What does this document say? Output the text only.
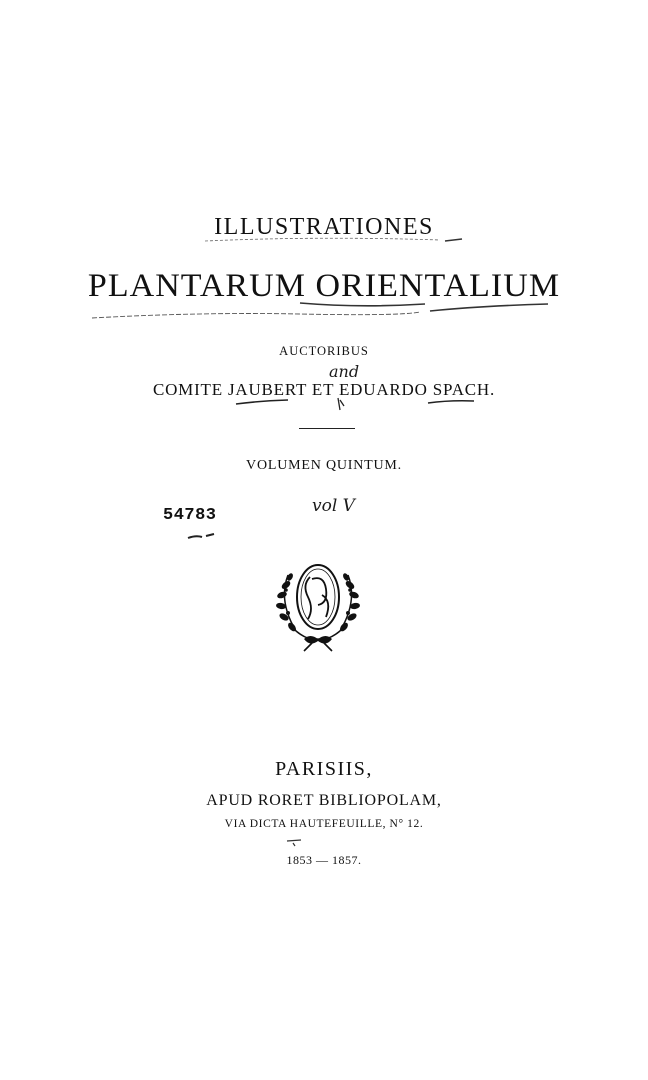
ILLUSTRATIONES
PLANTARUM ORIENTALIUM
AUCTORIBUS
and
COMITE JAUBERT ET EDUARDO SPACH.
VOLUMEN QUINTUM.
54783	vol V
PARISIIS,
APUD RORET BIBLIOPOLAM,
VIA DICTA HAUTEFEUILLE, N° 12.
1853 — 1857.
